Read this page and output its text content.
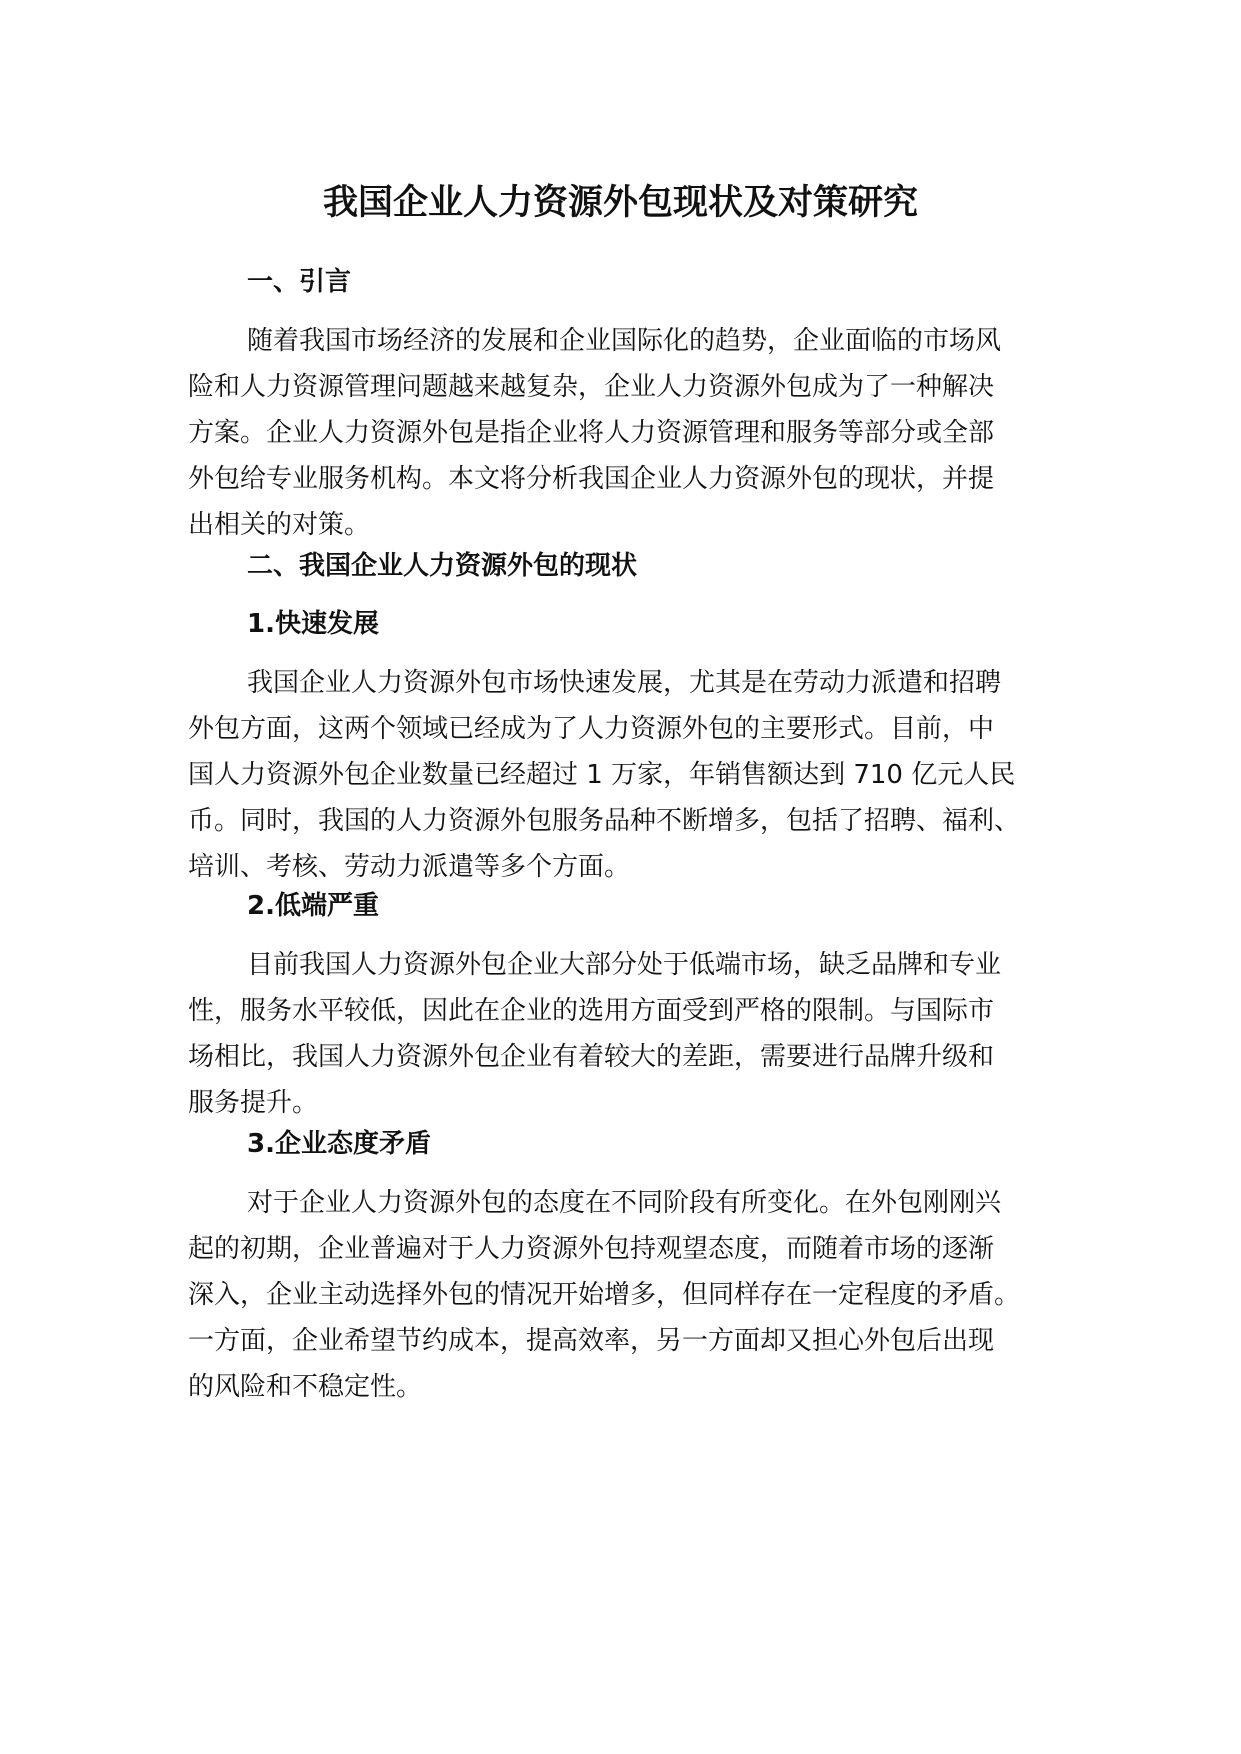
我国企业人力资源外包现状及对策研究
一、引言

随着我国市场经济的发展和企业国际化的趋势，企业面临的市场风
险和人力资源管理问题越来越复杂，企业人力资源外包成为了一种解决
方案。企业人力资源外包是指企业将人力资源管理和服务等部分或全部
外包给专业服务机构。本文将分析我国企业人力资源外包的现状，并提
出相关的对策。

二、我国企业人力资源外包的现状
1.快速发展

我国企业人力资源外包市场快速发展，尤其是在劳动力派遣和招聘
外包方面，这两个领域已经成为了人力资源外包的主要形式。目前，中
国人力资源外包企业数量已经超过 1 万家，年销售额达到 710 亿元人民
币。同时，我国的人力资源外包服务品种不断增多，包括了招聘、福利、
培训、考核、劳动力派遣等多个方面。

2.低端严重

目前我国人力资源外包企业大部分处于低端市场，缺乏品牌和专业
性，服务水平较低，因此在企业的选用方面受到严格的限制。与国际市
场相比，我国人力资源外包企业有着较大的差距，需要进行品牌升级和
服务提升。

3.企业态度矛盾

对于企业人力资源外包的态度在不同阶段有所变化。在外包刚刚兴
起的初期，企业普遍对于人力资源外包持观望态度，而随着市场的逐渐
深入，企业主动选择外包的情况开始增多，但同样存在一定程度的矛盾。
一方面，企业希望节约成本，提高效率，另一方面却又担心外包后出现
的风险和不稳定性。
